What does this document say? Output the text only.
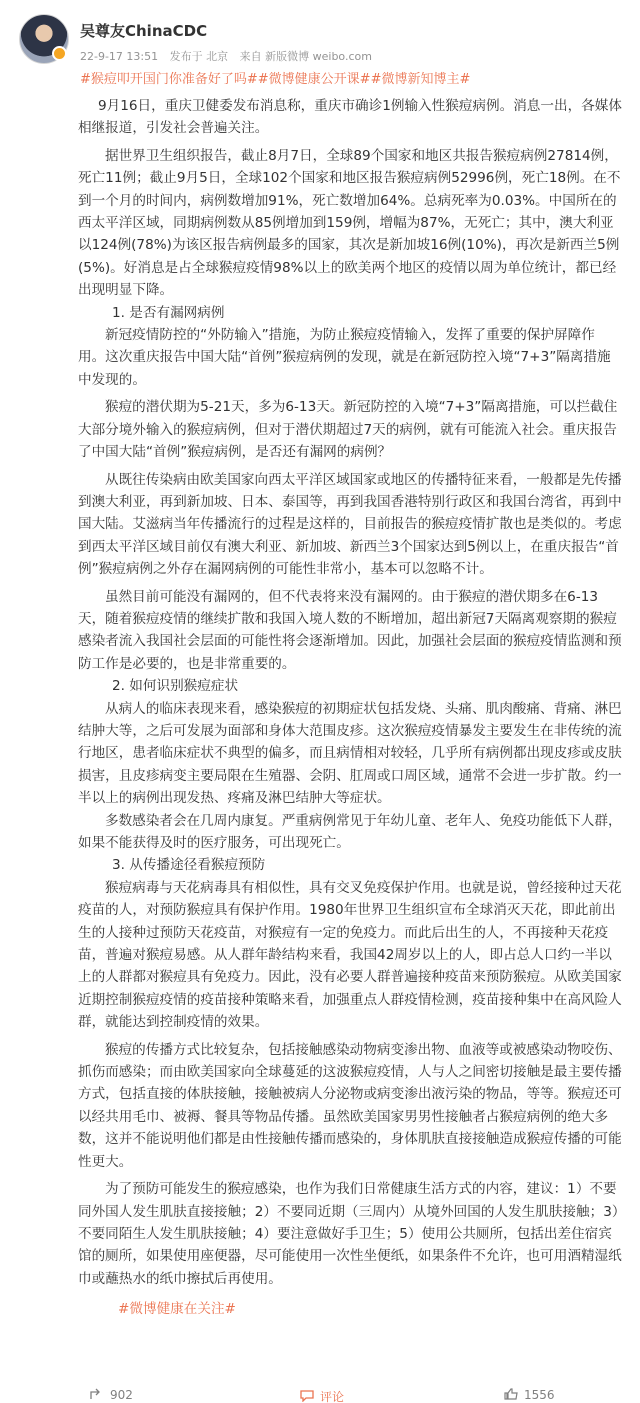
吴尊友ChinaCDC
22-9-17 13:51 发布于 北京 来自 新版微博 weibo.com
#猴痘叩开国门你准备好了吗##微博健康公开课##微博新知博主#

9月16日，重庆卫健委发布消息称，重庆市确诊1例输入性猴痘病例。消息一出，各媒体相继报道，引发社会普遍关注。

据世界卫生组织报告，截止8月7日，全球89个国家和地区共报告猴痘病例27814例，死亡11例；截止9月5日，全球102个国家和地区报告猴痘病例52996例，死亡18例。在不到一个月的时间内，病例数增加91%，死亡数增加64%。总病死率为0.03%。中国所在的西太平洋区域，同期病例数从85例增加到159例，增幅为87%，无死亡；其中，澳大利亚以124例(78%)为该区报告病例最多的国家，其次是新加坡16例(10%)，再次是新西兰5例(5%)。好消息是占全球猴痘疫情98%以上的欧美两个地区的疫情以周为单位统计，都已经出现明显下降。

1. 是否有漏网病例

新冠疫情防控的“外防输入”措施，为防止猴痘疫情输入，发挥了重要的保护屏障作用。这次重庆报告中国大陆“首例”猴痘病例的发现，就是在新冠防控入境“7+3”隔离措施中发现的。

猴痘的潜伏期为5-21天，多为6-13天。新冠防控的入境“7+3”隔离措施，可以拦截住大部分境外输入的猴痘病例，但对于潜伏期超过7天的病例，就有可能流入社会。重庆报告了中国大陆“首例”猴痘病例，是否还有漏网的病例？

从既往传染病由欧美国家向西太平洋区域国家或地区的传播特征来看，一般都是先传播到澳大利亚，再到新加坡、日本、泰国等，再到我国香港特别行政区和我国台湾省，再到中国大陆。艾滋病当年传播流行的过程是这样的，目前报告的猴痘疫情扩散也是类似的。考虑到西太平洋区域目前仅有澳大利亚、新加坡、新西兰3个国家达到5例以上，在重庆报告“首例”猴痘病例之外存在漏网病例的可能性非常小，基本可以忽略不计。

虽然目前可能没有漏网的，但不代表将来没有漏网的。由于猴痘的潜伏期多在6-13天，随着猴痘疫情的继续扩散和我国入境人数的不断增加，超出新冠7天隔离观察期的猴痘感染者流入我国社会层面的可能性将会逐渐增加。因此，加强社会层面的猴痘疫情监测和预防工作是必要的，也是非常重要的。

2. 如何识别猴痘症状

从病人的临床表现来看，感染猴痘的初期症状包括发烧、头痛、肌肉酸痛、背痛、淋巴结肿大等，之后可发展为面部和身体大范围皮疹。这次猴痘疫情暴发主要发生在非传统的流行地区，患者临床症状不典型的偏多，而且病情相对较轻，几乎所有病例都出现皮疹或皮肤损害，且皮疹病变主要局限在生殖器、会阴、肛周或口周区域，通常不会进一步扩散。约一半以上的病例出现发热、疼痛及淋巴结肿大等症状。

多数感染者会在几周内康复。严重病例常见于年幼儿童、老年人、免疫功能低下人群，如果不能获得及时的医疗服务，可出现死亡。

3. 从传播途径看猴痘预防

猴痘病毒与天花病毒具有相似性，具有交叉免疫保护作用。也就是说，曾经接种过天花疫苗的人，对预防猴痘具有保护作用。1980年世界卫生组织宣布全球消灭天花，即此前出生的人接种过预防天花疫苗，对猴痘有一定的免疫力。而此后出生的人，不再接种天花疫苗，普遍对猴痘易感。从人群年龄结构来看，我国42周岁以上的人，即占总人口约一半以上的人群都对猴痘具有免疫力。因此，没有必要人群普遍接种疫苗来预防猴痘。从欧美国家近期控制猴痘疫情的疫苗接种策略来看，加强重点人群疫情检测，疫苗接种集中在高风险人群，就能达到控制疫情的效果。

猴痘的传播方式比较复杂，包括接触感染动物病变渗出物、血液等或被感染动物咬伤、抓伤而感染；而由欧美国家向全球蔓延的这波猴痘疫情，人与人之间密切接触是最主要传播方式，包括直接的体肤接触，接触被病人分泌物或病变渗出液污染的物品，等等。猴痘还可以经共用毛巾、被褥、餐具等物品传播。虽然欧美国家男男性接触者占猴痘病例的绝大多数，这并不能说明他们都是由性接触传播而感染的，身体肌肤直接接触造成猴痘传播的可能性更大。

为了预防可能发生的猴痘感染，也作为我们日常健康生活方式的内容，建议：1）不要同外国人发生肌肤直接接触；2）不要同近期（三周内）从境外回国的人发生肌肤接触；3）不要同陌生人发生肌肤接触；4）要注意做好手卫生；5）使用公共厕所，包括出差住宿宾馆的厕所，如果使用座便器，尽可能使用一次性坐便纸，如果条件不允许，也可用酒精湿纸巾或蘸热水的纸巾擦拭后再使用。

#微博健康在关注#

902	评论	1556
